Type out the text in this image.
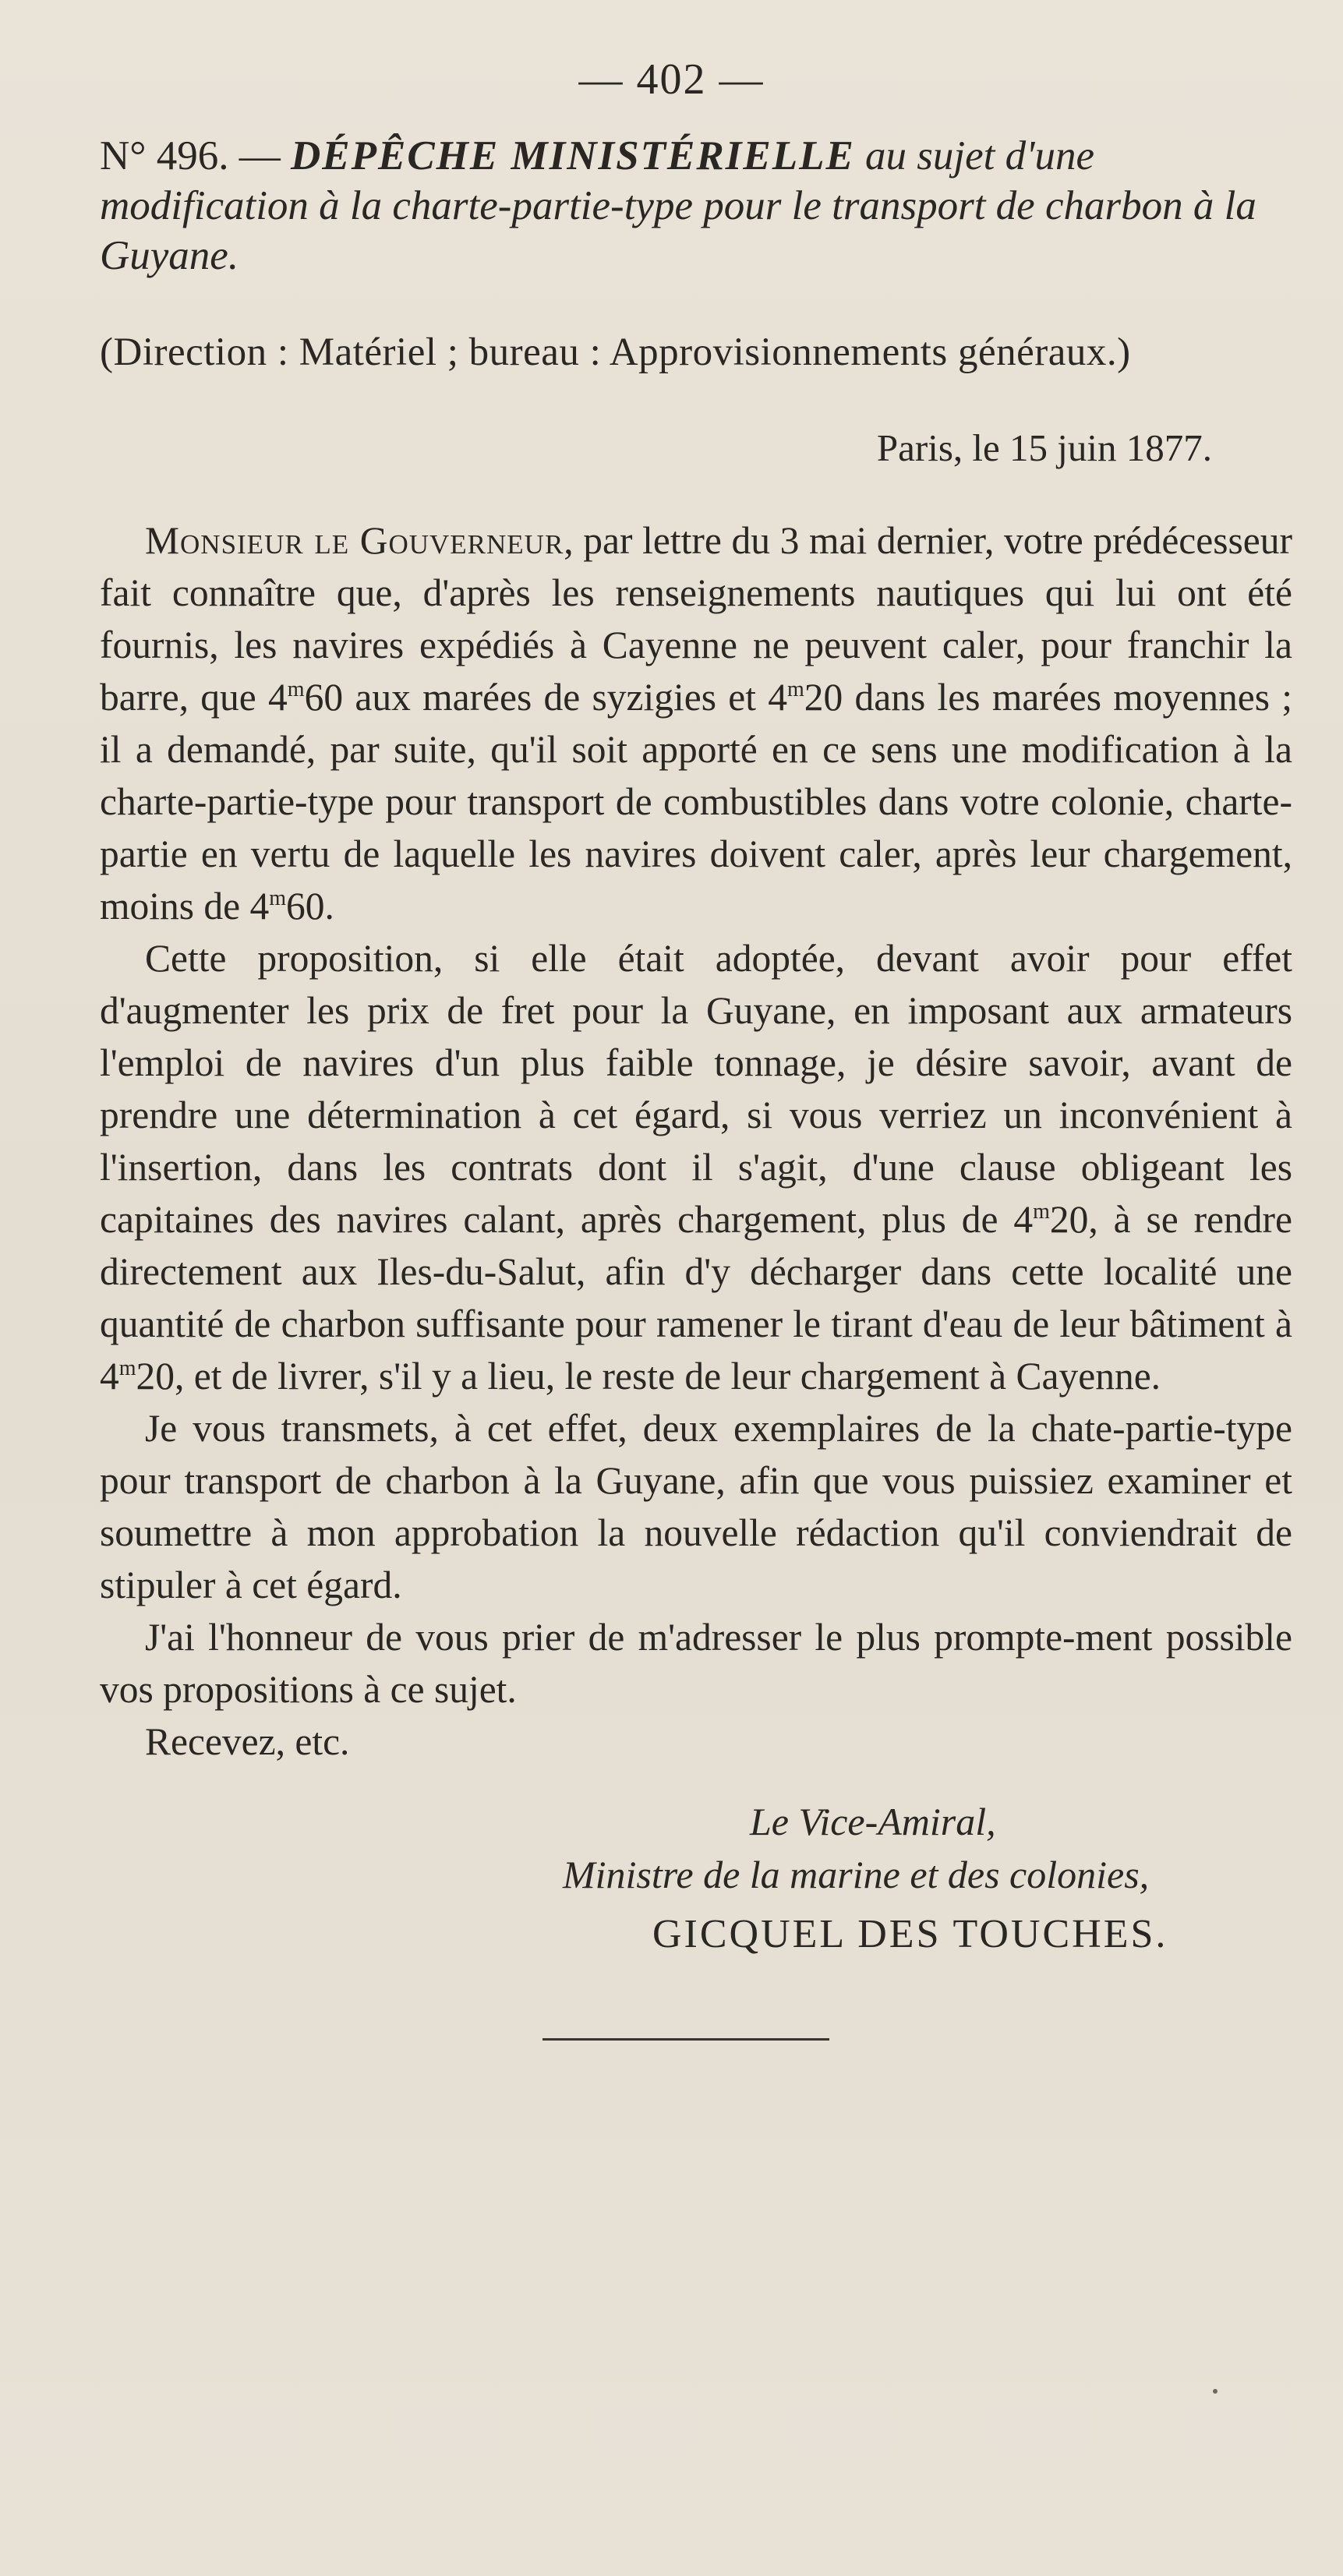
— 402 —
N° 496. — DÉPÊCHE MINISTÉRIELLE au sujet d'une modification à la charte-partie-type pour le transport de charbon à la Guyane.
(Direction : Matériel ; bureau : Approvisionnements généraux.)
Paris, le 15 juin 1877.

Monsieur le Gouverneur, par lettre du 3 mai dernier, votre prédécesseur fait connaître que, d'après les renseignements nautiques qui lui ont été fournis, les navires expédiés à Cayenne ne peuvent caler, pour franchir la barre, que 4$^m$60 aux marées de syzigies et 4$^m$20 dans les marées moyennes ; il a demandé, par suite, qu'il soit apporté en ce sens une modification à la charte-partie-type pour transport de combustibles dans votre colonie, charte-partie en vertu de laquelle les navires doivent caler, après leur chargement, moins de 4$^m$60.

Cette proposition, si elle était adoptée, devant avoir pour effet d'augmenter les prix de fret pour la Guyane, en imposant aux armateurs l'emploi de navires d'un plus faible tonnage, je désire savoir, avant de prendre une détermination à cet égard, si vous verriez un inconvénient à l'insertion, dans les contrats dont il s'agit, d'une clause obligeant les capitaines des navires calant, après chargement, plus de 4$^m$20, à se rendre directement aux Iles-du-Salut, afin d'y décharger dans cette localité une quantité de charbon suffisante pour ramener le tirant d'eau de leur bâtiment à 4$^m$20, et de livrer, s'il y a lieu, le reste de leur chargement à Cayenne.

Je vous transmets, à cet effet, deux exemplaires de la chate-partie-type pour transport de charbon à la Guyane, afin que vous puissiez examiner et soumettre à mon approbation la nouvelle rédaction qu'il conviendrait de stipuler à cet égard.

J'ai l'honneur de vous prier de m'adresser le plus prompte-ment possible vos propositions à ce sujet.

Recevez, etc.

Le Vice-Amiral,
Ministre de la marine et des colonies,
GICQUEL DES TOUCHES.
